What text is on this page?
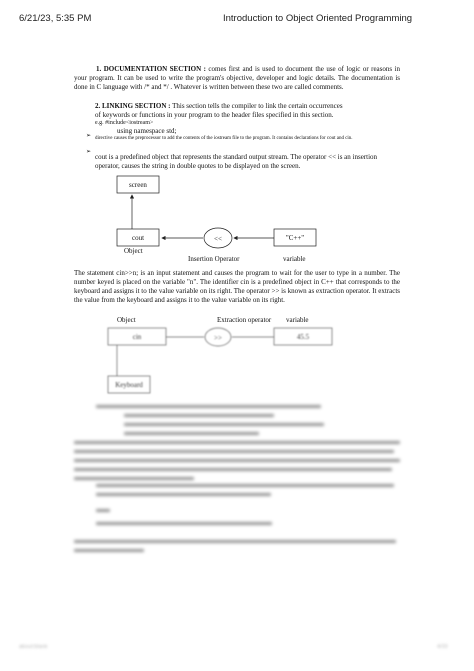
6/21/23, 5:35 PM	Introduction to Object Oriented Programming
1. DOCUMENTATION SECTION : comes first and is used to document the use of logic or reasons in your program. It can be used to write the program's objective, developer and logic details. The documentation is done in C language with /* and */ . Whatever is written between these two are called comments.
2. LINKING SECTION : This section tells the compiler to link the certain occurrences
of keywords or functions in your program to the header files specified in this section.
e.g. #include<iostream>
using namespace std;
➢ directive causes the preprocessor to add the contents of the iostream file to the program. It contains declarations for cout and cin.
➢
cout is a predefined object that represents the standard output stream. The operator << is an insertion operator, causes the string in double quotes to be displayed on the screen.
screen
cout
Object
<<
Insertion Operator
"C++"
variable
Object	Extraction operator variable
cin	>>	45.5
Keyboard
The statement cin>>n; is an input statement and causes the program to wait for the user to type in a number. The number keyed is placed on the variable "n". The identifier cin is a predefined object in C++ that corresponds to the keyboard and assigns it to the value variable on its right. The operator >> is known as extraction operator. It extracts the value from the keyboard and assigns it to the value variable on its right.
about:blank	4/33
